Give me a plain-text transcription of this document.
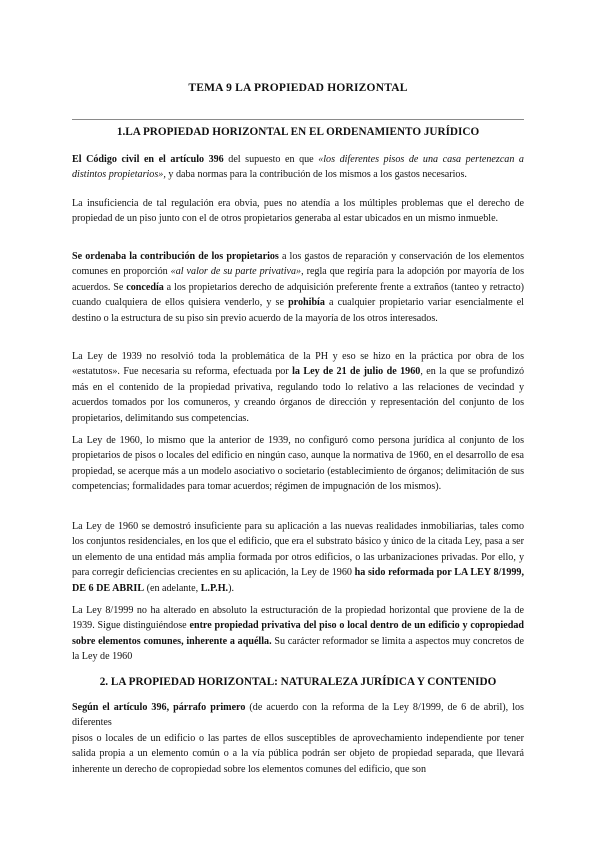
TEMA 9 LA PROPIEDAD HORIZONTAL
1.LA PROPIEDAD HORIZONTAL EN EL ORDENAMIENTO JURÍDICO

El Código civil en el artículo 396 del supuesto en que «los diferentes pisos de una casa pertenezcan a distintos propietarios», y daba normas para la contribución de los mismos a los gastos necesarios.

La insuficiencia de tal regulación era obvia, pues no atendía a los múltiples problemas que el derecho de propiedad de un piso junto con el de otros propietarios generaba al estar ubicados en un mismo inmueble.

Se ordenaba la contribución de los propietarios a los gastos de reparación y conservación de los elementos comunes en proporción «al valor de su parte privativa», regla que regiría para la adopción por mayoría de los acuerdos. Se concedía a los propietarios derecho de adquisición preferente frente a extraños (tanteo y retracto) cuando cualquiera de ellos quisiera venderlo, y se prohibía a cualquier propietario variar esencialmente el destino o la estructura de su piso sin previo acuerdo de la mayoría de los otros interesados.

La Ley de 1939 no resolvió toda la problemática de la PH y eso se hizo en la práctica por obra de los «estatutos». Fue necesaria su reforma, efectuada por la Ley de 21 de julio de 1960, en la que se profundizó más en el contenido de la propiedad privativa, regulando todo lo relativo a las relaciones de vecindad y acuerdos tomados por los comuneros, y creando órganos de dirección y representación del conjunto de los propietarios, delimitando sus competencias.

La Ley de 1960, lo mismo que la anterior de 1939, no configuró como persona jurídica al conjunto de los propietarios de pisos o locales del edificio en ningún caso, aunque la normativa de 1960, en el desarrollo de esa propiedad, se acerque más a un modelo asociativo o societario (establecimiento de órganos; delimitación de sus competencias; formalidades para tomar acuerdos; régimen de impugnación de los mismos).

La Ley de 1960 se demostró insuficiente para su aplicación a las nuevas realidades inmobiliarias, tales como los conjuntos residenciales, en los que el edificio, que era el substrato básico y único de la citada Ley, pasa a ser un elemento de una entidad más amplia formada por otros edificios, o las urbanizaciones privadas. Por ello, y para corregir deficiencias crecientes en su aplicación, la Ley de 1960 ha sido reformada por LA LEY 8/1999, DE 6 DE ABRIL (en adelante, L.P.H.).

La Ley 8/1999 no ha alterado en absoluto la estructuración de la propiedad horizontal que proviene de la de 1939. Sigue distinguiéndose entre propiedad privativa del piso o local dentro de un edificio y copropiedad sobre elementos comunes, inherente a aquélla. Su carácter reformador se limita a aspectos muy concretos de la Ley de 1960

2. LA PROPIEDAD HORIZONTAL: NATURALEZA JURÍDICA Y CONTENIDO

Según el artículo 396, párrafo primero (de acuerdo con la reforma de la Ley 8/1999, de 6 de abril), los diferentes
pisos o locales de un edificio o las partes de ellos susceptibles de aprovechamiento independiente por tener salida propia a un elemento común o a la vía pública podrán ser objeto de propiedad separada, que llevará inherente un derecho de copropiedad sobre los elementos comunes del edificio, que son
